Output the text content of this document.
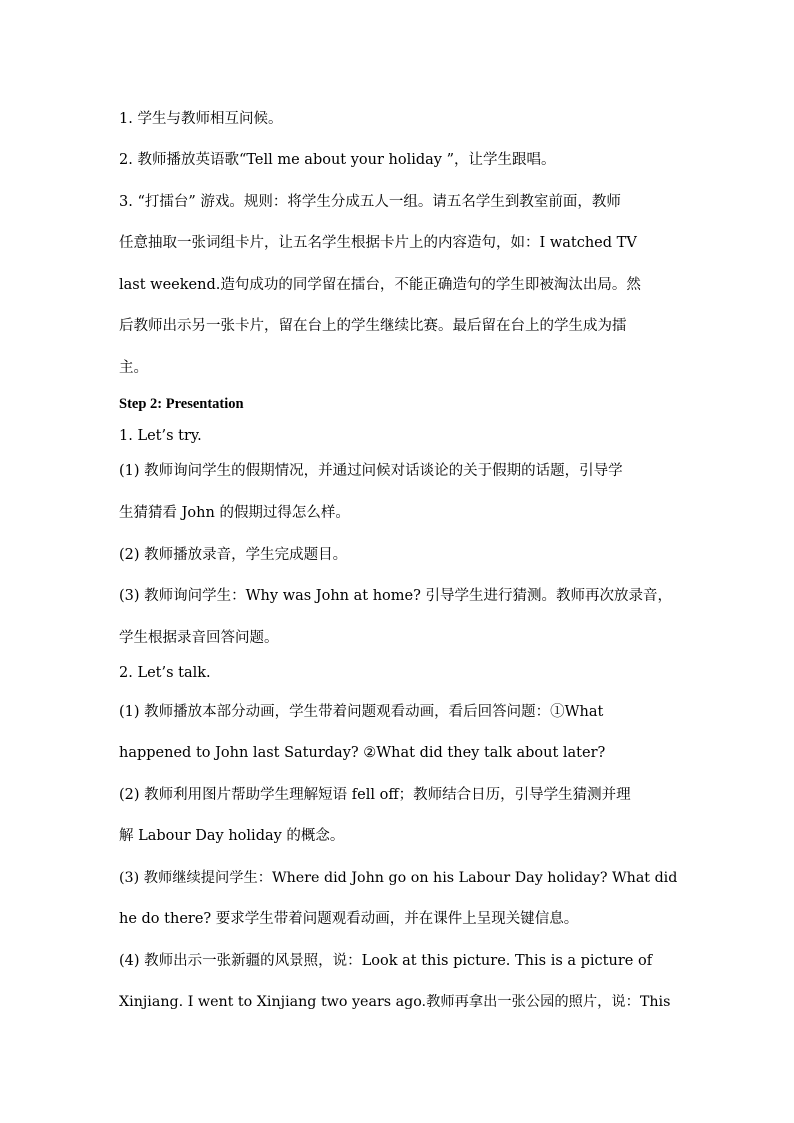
1. 学生与教师相互问候。
2. 教师播放英语歌“Tell me about your holiday ”，让学生跟唱。
3. “打擂台” 游戏。规则：将学生分成五人一组。请五名学生到教室前面，教师
任意抽取一张词组卡片，让五名学生根据卡片上的内容造句，如：I watched TV
last weekend.造句成功的同学留在擂台，不能正确造句的学生即被淘汰出局。然
后教师出示另一张卡片，留在台上的学生继续比赛。最后留在台上的学生成为擂
主。
Step 2: Presentation
1. Let’s try.
(1) 教师询问学生的假期情况，并通过问候对话谈论的关于假期的话题，引导学
生猜猜看 John 的假期过得怎么样。
(2) 教师播放录音，学生完成题目。
(3) 教师询问学生：Why was John at home? 引导学生进行猜测。教师再次放录音，
学生根据录音回答问题。
2. Let’s talk.
(1) 教师播放本部分动画，学生带着问题观看动画，看后回答问题：①What
happened to John last Saturday? ②What did they talk about later?
(2) 教师利用图片帮助学生理解短语 fell off；教师结合日历，引导学生猜测并理
解 Labour Day holiday 的概念。
(3) 教师继续提问学生：Where did John go on his Labour Day holiday? What did
he do there? 要求学生带着问题观看动画，并在课件上呈现关键信息。
(4) 教师出示一张新疆的风景照，说：Look at this picture. This is a picture of
Xinjiang. I went to Xinjiang two years ago.教师再拿出一张公园的照片，说：This
